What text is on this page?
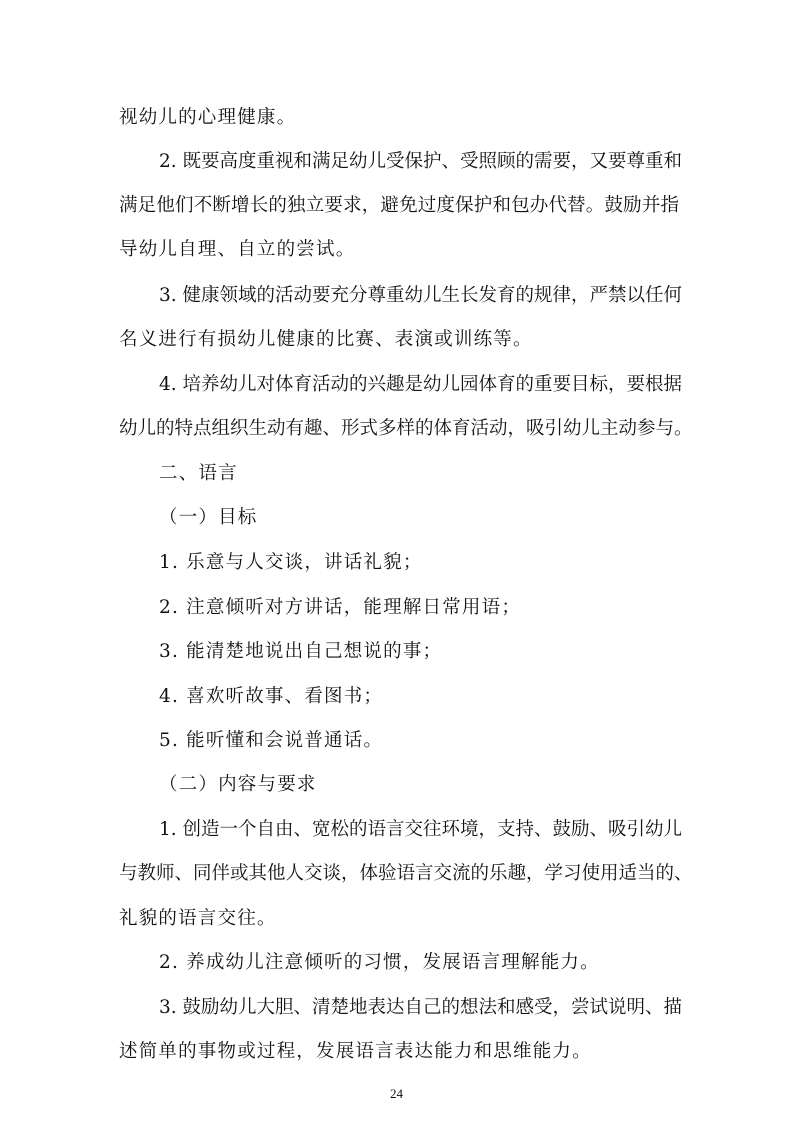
视幼儿的心理健康。
2. 既要高度重视和满足幼儿受保护、受照顾的需要，又要尊重和
满足他们不断增长的独立要求，避免过度保护和包办代替。鼓励并指
导幼儿自理、自立的尝试。
3. 健康领域的活动要充分尊重幼儿生长发育的规律，严禁以任何
名义进行有损幼儿健康的比赛、表演或训练等。
4. 培养幼儿对体育活动的兴趣是幼儿园体育的重要目标，要根据
幼儿的特点组织生动有趣、形式多样的体育活动，吸引幼儿主动参与。
二、语言
（一）目标
1. 乐意与人交谈，讲话礼貌；
2. 注意倾听对方讲话，能理解日常用语；
3. 能清楚地说出自己想说的事；
4. 喜欢听故事、看图书；
5. 能听懂和会说普通话。
（二）内容与要求
1. 创造一个自由、宽松的语言交往环境，支持、鼓励、吸引幼儿
与教师、同伴或其他人交谈，体验语言交流的乐趣，学习使用适当的、
礼貌的语言交往。
2. 养成幼儿注意倾听的习惯，发展语言理解能力。
3. 鼓励幼儿大胆、清楚地表达自己的想法和感受，尝试说明、描
述简单的事物或过程，发展语言表达能力和思维能力。
24
